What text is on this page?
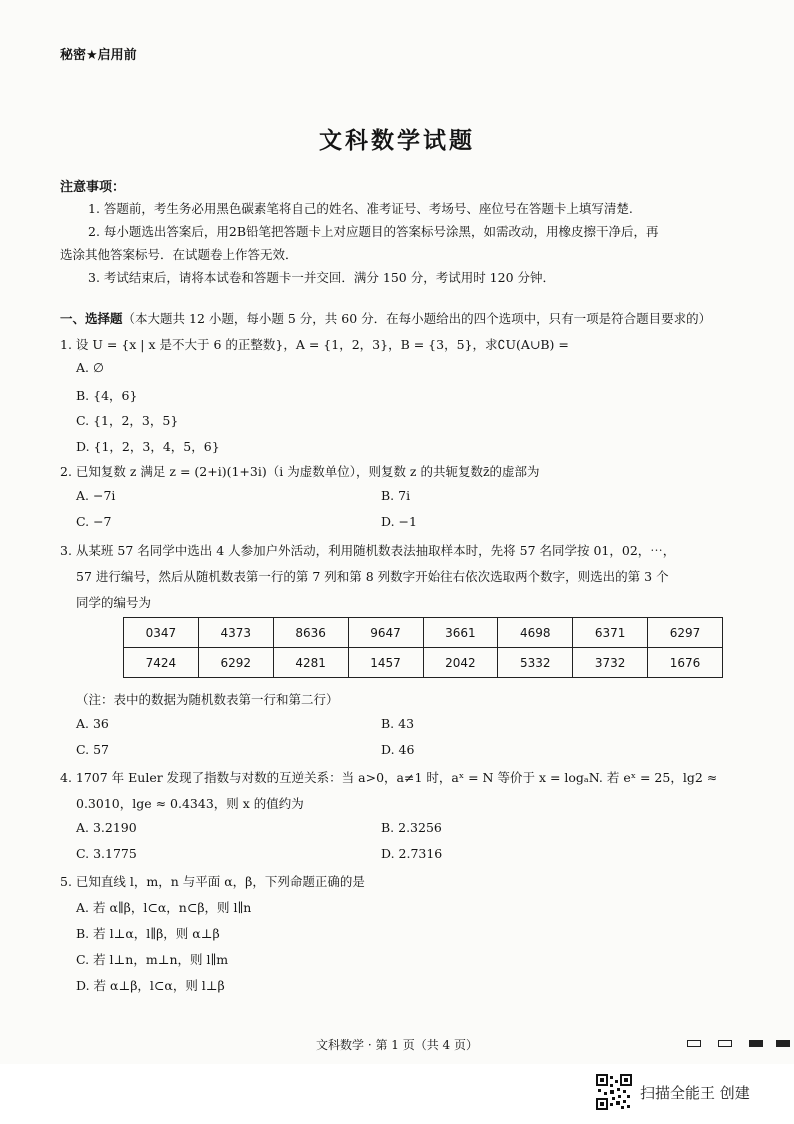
秘密★启用前
文科数学试题
注意事项：
1. 答题前，考生务必用黑色碳素笔将自己的姓名、准考证号、考场号、座位号在答题卡上填写清楚.
2. 每小题选出答案后，用2B铅笔把答题卡上对应题目的答案标号涂黑，如需改动，用橡皮擦干净后，再
选涂其他答案标号．在试题卷上作答无效．
3. 考试结束后，请将本试卷和答题卡一并交回．满分 150 分，考试用时 120 分钟．
一、选择题（本大题共 12 小题，每小题 5 分，共 60 分．在每小题给出的四个选项中，只有一项是符合题目要求的）
1. 设 U = {x | x 是不大于 6 的正整数}，A = {1，2，3}，B = {3，5}，求∁U(A∪B) =
A. ∅
B. {4，6}
C. {1，2，3，5}
D. {1，2，3，4，5，6}
2. 已知复数 z 满足 z = (2+i)(1+3i)（i 为虚数单位），则复数 z 的共轭复数z̄的虚部为
A. −7i	B. 7i
C. −7	D. −1
3. 从某班 57 名同学中选出 4 人参加户外活动，利用随机数表法抽取样本时，先将 57 名同学按 01，02，⋯，
57 进行编号，然后从随机数表第一行的第 7 列和第 8 列数字开始往右依次选取两个数字，则选出的第 3 个
同学的编号为
0347	4373	8636	9647	3661	4698	6371	6297
7424	6292	4281	1457	2042	5332	3732	1676
（注：表中的数据为随机数表第一行和第二行）
A. 36	B. 43
C. 57	D. 46
4. 1707 年 Euler 发现了指数与对数的互逆关系：当 a>0，a≠1 时，aˣ = N 等价于 x = logₐN. 若 eˣ = 25，lg2 ≈
0.3010，lge ≈ 0.4343，则 x 的值约为
A. 3.2190	B. 2.3256
C. 3.1775	D. 2.7316
5. 已知直线 l，m，n 与平面 α，β，下列命题正确的是
A. 若 α∥β，l⊂α，n⊂β，则 l∥n
B. 若 l⊥α，l∥β，则 α⊥β
C. 若 l⊥n，m⊥n，则 l∥m
D. 若 α⊥β，l⊂α，则 l⊥β
文科数学 · 第 1 页（共 4 页）
扫描全能王 创建
